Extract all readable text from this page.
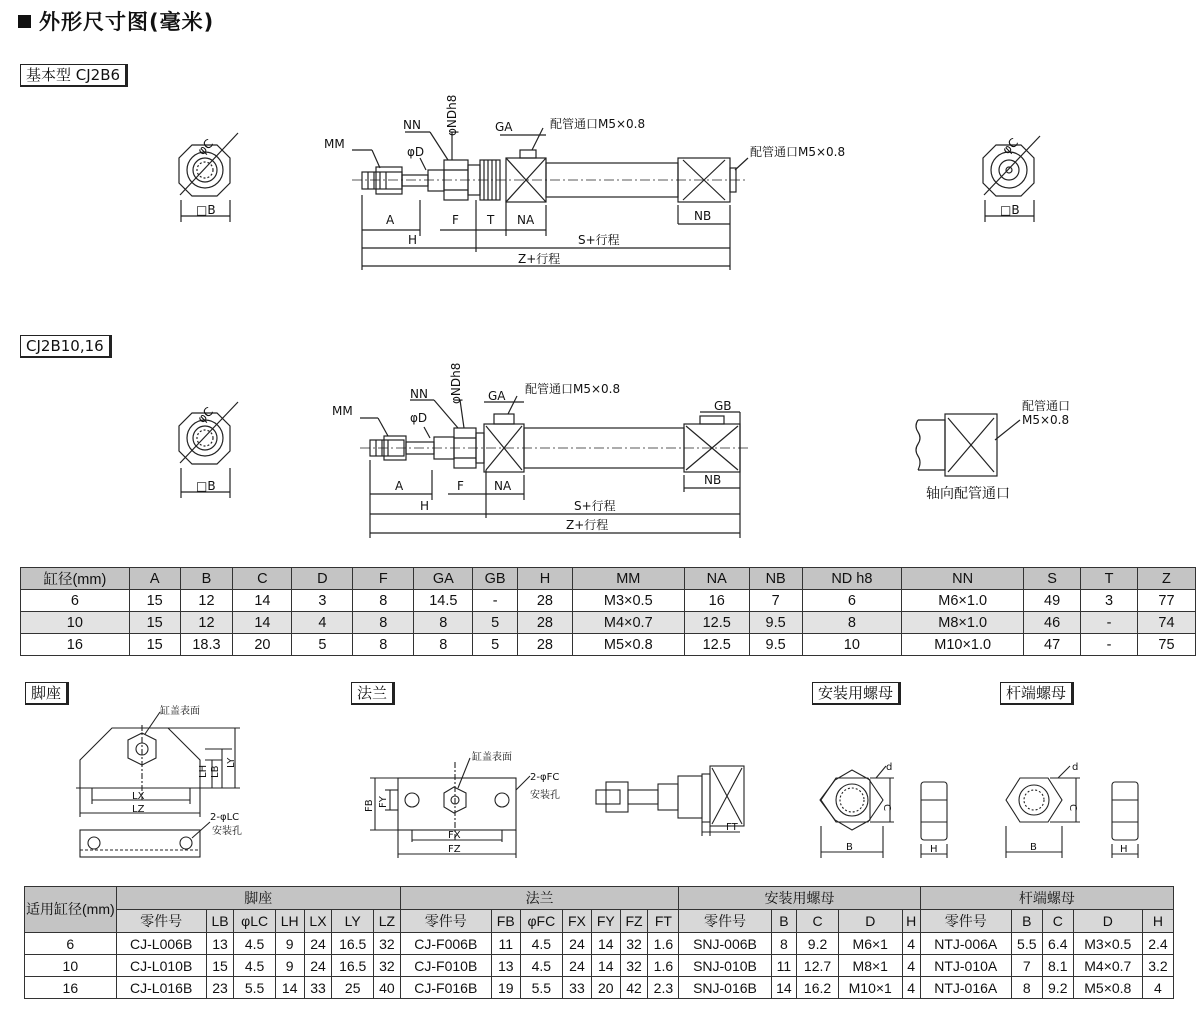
外形尺寸图(毫米)
基本型 CJ2B6
CJ2B10,16
脚座	法兰	安装用螺母	杆端螺母
φC
□B
φC
□B
φNDh8
NN
MM
φD
GA	配管通口M5×0.8
配管通口M5×0.8
A	F T NA	NB
H	S+行程
Z+行程
φC
□B
φNDh8
NN
MM	φD
GA 配管通口M5×0.8
GB
A	F	NA	NB
H	S+行程
Z+行程
配管通口
M5×0.8
轴向配管通口
缸径(mm)	A	B	C	D	F	GA	GB	H	MM	NA	NB	ND h8	NN	S	T	Z
6	15	12	14	3	8	14.5	-	28	M3×0.5	16	7	6	M6×1.0	49	3	77
10	15	12	14	4	8	8	5	28	M4×0.7	12.5	9.5	8	M8×1.0	46	-	74
16	15	18.3	20	5	8	8	5	28	M5×0.8	12.5	9.5	10	M10×1.0	47	-	75
缸盖表面
LH LB
LY
LX
LZ
2-φLC
安装孔
缸盖表面
2-φFC
安装孔
FB FY
FX
FZ
FT
d
C
B	H
d
C
B	H
适用缸径(mm)	脚座							法兰							安装用螺母					杆端螺母				
	零件号	LB	φLC	LH	LX	LY	LZ	零件号	FB	φFC	FX	FY	FZ	FT	零件号	B	C	D	H	零件号	B	C	D	H
6	CJ-L006B	13	4.5	9	24	16.5	32	CJ-F006B	11	4.5	24	14	32	1.6	SNJ-006B	8	9.2	M6×1	4	NTJ-006A	5.5	6.4	M3×0.5	2.4
10	CJ-L010B	15	4.5	9	24	16.5	32	CJ-F010B	13	4.5	24	14	32	1.6	SNJ-010B	11	12.7	M8×1	4	NTJ-010A	7	8.1	M4×0.7	3.2
16	CJ-L016B	23	5.5	14	33	25	40	CJ-F016B	19	5.5	33	20	42	2.3	SNJ-016B	14	16.2	M10×1	4	NTJ-016A	8	9.2	M5×0.8	4
